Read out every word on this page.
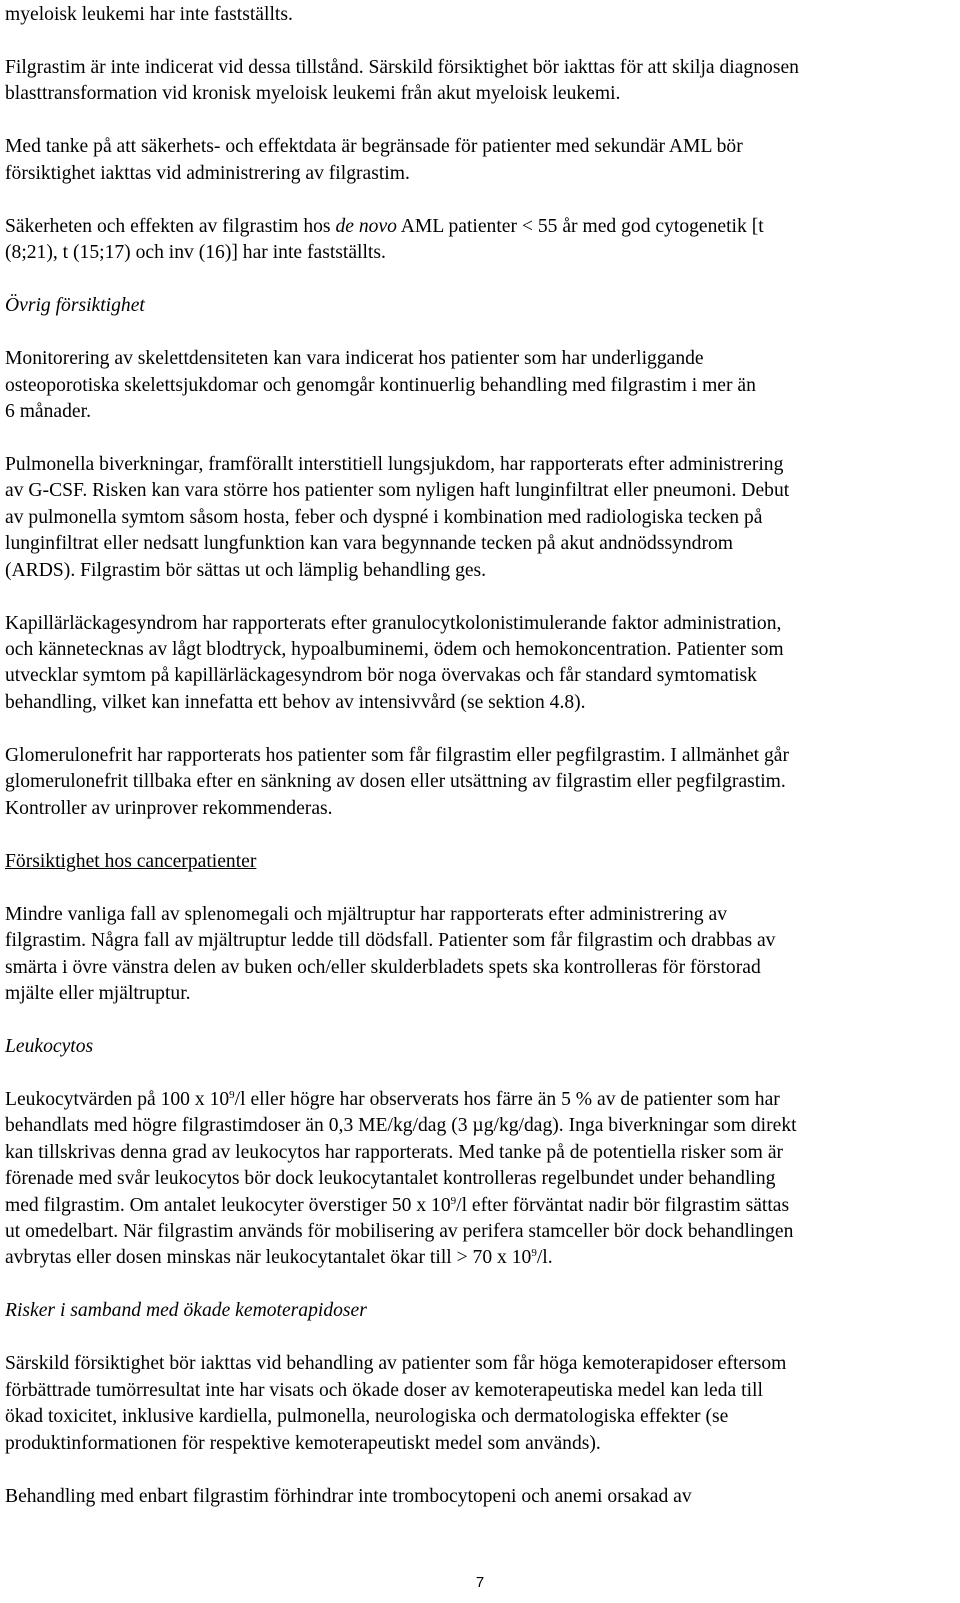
myeloisk leukemi har inte fastställts.

Filgrastim är inte indicerat vid dessa tillstånd. Särskild försiktighet bör iakttas för att skilja diagnosen
blasttransformation vid kronisk myeloisk leukemi från akut myeloisk leukemi.

Med tanke på att säkerhets- och effektdata är begränsade för patienter med sekundär AML bör
försiktighet iakttas vid administrering av filgrastim.

Säkerheten och effekten av filgrastim hos de novo AML patienter < 55 år med god cytogenetik [t
(8;21), t (15;17) och inv (16)] har inte fastställts.

Övrig försiktighet

Monitorering av skelettdensiteten kan vara indicerat hos patienter som har underliggande
osteoporotiska skelettsjukdomar och genomgår kontinuerlig behandling med filgrastim i mer än
6 månader.

Pulmonella biverkningar, framförallt interstitiell lungsjukdom, har rapporterats efter administrering
av G-CSF. Risken kan vara större hos patienter som nyligen haft lunginfiltrat eller pneumoni. Debut
av pulmonella symtom såsom hosta, feber och dyspné i kombination med radiologiska tecken på
lunginfiltrat eller nedsatt lungfunktion kan vara begynnande tecken på akut andnödssyndrom
(ARDS). Filgrastim bör sättas ut och lämplig behandling ges.

Kapillärläckagesyndrom har rapporterats efter granulocytkolonistimulerande faktor administration,
och kännetecknas av lågt blodtryck, hypoalbuminemi, ödem och hemokoncentration. Patienter som
utvecklar symtom på kapillärläckagesyndrom bör noga övervakas och får standard symtomatisk
behandling, vilket kan innefatta ett behov av intensivvård (se sektion 4.8).

Glomerulonefrit har rapporterats hos patienter som får filgrastim eller pegfilgrastim. I allmänhet går
glomerulonefrit tillbaka efter en sänkning av dosen eller utsättning av filgrastim eller pegfilgrastim.
Kontroller av urinprover rekommenderas.

Försiktighet hos cancerpatienter

Mindre vanliga fall av splenomegali och mjältruptur har rapporterats efter administrering av
filgrastim. Några fall av mjältruptur ledde till dödsfall. Patienter som får filgrastim och drabbas av
smärta i övre vänstra delen av buken och/eller skulderbladets spets ska kontrolleras för förstorad
mjälte eller mjältruptur.

Leukocytos

Leukocytvärden på 100 x $10^9/l$ eller högre har observerats hos färre än 5 % av de patienter som har
behandlats med högre filgrastimdoser än 0,3 ME/kg/dag (3 µg/kg/dag). Inga biverkningar som direkt
kan tillskrivas denna grad av leukocytos har rapporterats. Med tanke på de potentiella risker som är
förenade med svår leukocytos bör dock leukocytantalet kontrolleras regelbundet under behandling
med filgrastim. Om antalet leukocyter överstiger 50 x $10^9/l$ efter förväntat nadir bör filgrastim sättas
ut omedelbart. När filgrastim används för mobilisering av perifera stamceller bör dock behandlingen
avbrytas eller dosen minskas när leukocytantalet ökar till > 70 x $10^9/l$.

Risker i samband med ökade kemoterapidoser

Särskild försiktighet bör iakttas vid behandling av patienter som får höga kemoterapidoser eftersom
förbättrade tumörresultat inte har visats och ökade doser av kemoterapeutiska medel kan leda till
ökad toxicitet, inklusive kardiella, pulmonella, neurologiska och dermatologiska effekter (se
produktinformationen för respektive kemoterapeutiskt medel som används).

Behandling med enbart filgrastim förhindrar inte trombocytopeni och anemi orsakad av

7
